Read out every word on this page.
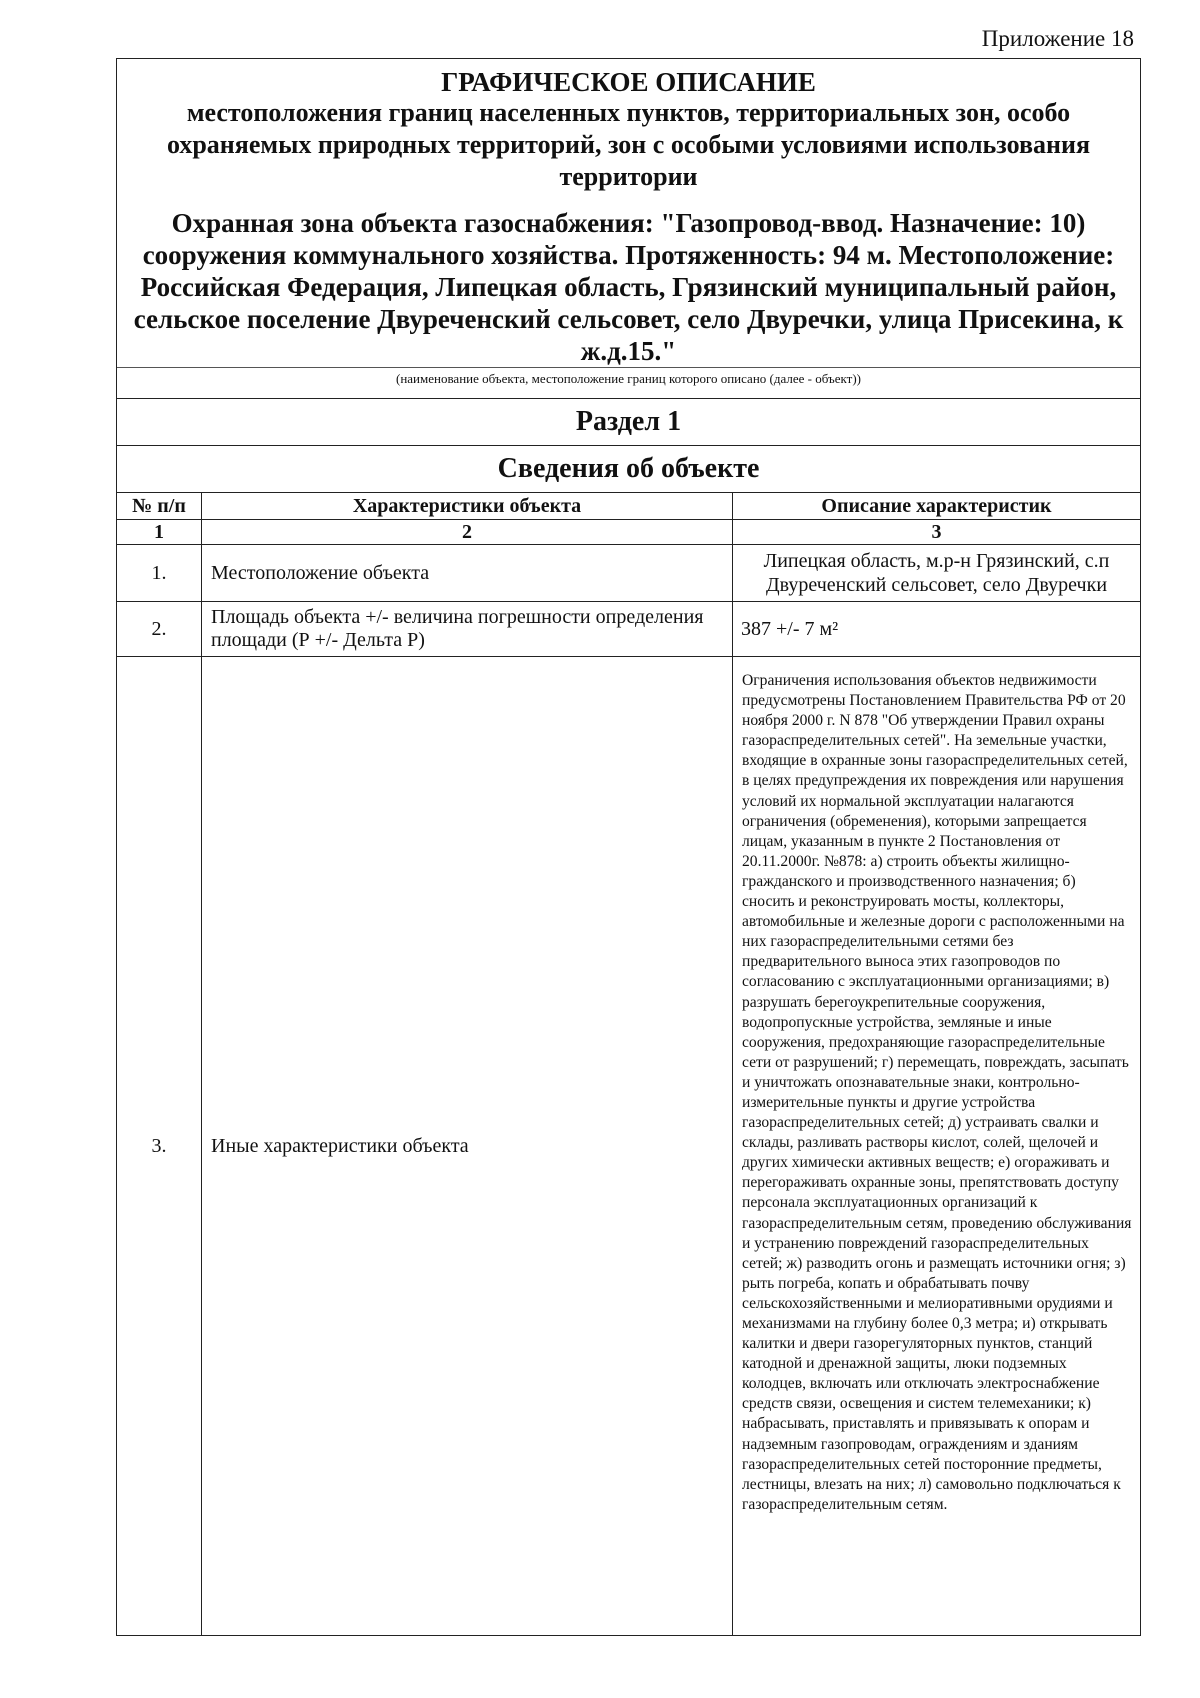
Приложение 18
ГРАФИЧЕСКОЕ ОПИСАНИЕ
местоположения границ населенных пунктов, территориальных зон, особо охраняемых природных территорий, зон с особыми условиями использования территории
Охранная зона объекта газоснабжения: "Газопровод-ввод. Назначение: 10) сооружения коммунального хозяйства. Протяженность: 94 м. Местоположение: Российская Федерация, Липецкая область, Грязинский муниципальный район, сельское поселение Двуреченский сельсовет, село Двуречки, улица Присекина, к ж.д.15."
(наименование объекта, местоположение границ которого описано (далее - объект))
Раздел 1
Сведения об объекте
№ п/п	Характеристики объекта	Описание характеристик
1	2	3
1.	Местоположение объекта	Липецкая область, м.р-н Грязинский, с.п Двуреченский сельсовет, село Двуречки
2.	Площадь объекта +/- величина погрешности определения площади (Р +/- Дельта Р)	387 +/- 7 м²
3.	Иные характеристики объекта	Ограничения использования объектов недвижимости предусмотрены Постановлением Правительства РФ от 20 ноября 2000 г. N 878 "Об утверждении Правил охраны газораспределительных сетей". На земельные участки, входящие в охранные зоны газораспределительных сетей, в целях предупреждения их повреждения или нарушения условий их нормальной эксплуатации налагаются ограничения (обременения), которыми запрещается лицам, указанным в пункте 2 Постановления от 20.11.2000г. №878: а) строить объекты жилищно-гражданского и производственного назначения; б) сносить и реконструировать мосты, коллекторы, автомобильные и железные дороги с расположенными на них газораспределительными сетями без предварительного выноса этих газопроводов по согласованию с эксплуатационными организациями; в) разрушать берегоукрепительные сооружения, водопропускные устройства, земляные и иные сооружения, предохраняющие газораспределительные сети от разрушений; г) перемещать, повреждать, засыпать и уничтожать опознавательные знаки, контрольно-измерительные пункты и другие устройства газораспределительных сетей; д) устраивать свалки и склады, разливать растворы кислот, солей, щелочей и других химически активных веществ; е) огораживать и перегораживать охранные зоны, препятствовать доступу персонала эксплуатационных организаций к газораспределительным сетям, проведению обслуживания и устранению повреждений газораспределительных сетей; ж) разводить огонь и размещать источники огня; з) рыть погреба, копать и обрабатывать почву сельскохозяйственными и мелиоративными орудиями и механизмами на глубину более 0,3 метра; и) открывать калитки и двери газорегуляторных пунктов, станций катодной и дренажной защиты, люки подземных колодцев, включать или отключать электроснабжение средств связи, освещения и систем телемеханики; к) набрасывать, приставлять и привязывать к опорам и надземным газопроводам, ограждениям и зданиям газораспределительных сетей посторонние предметы, лестницы, влезать на них; л) самовольно подключаться к газораспределительным сетям.
